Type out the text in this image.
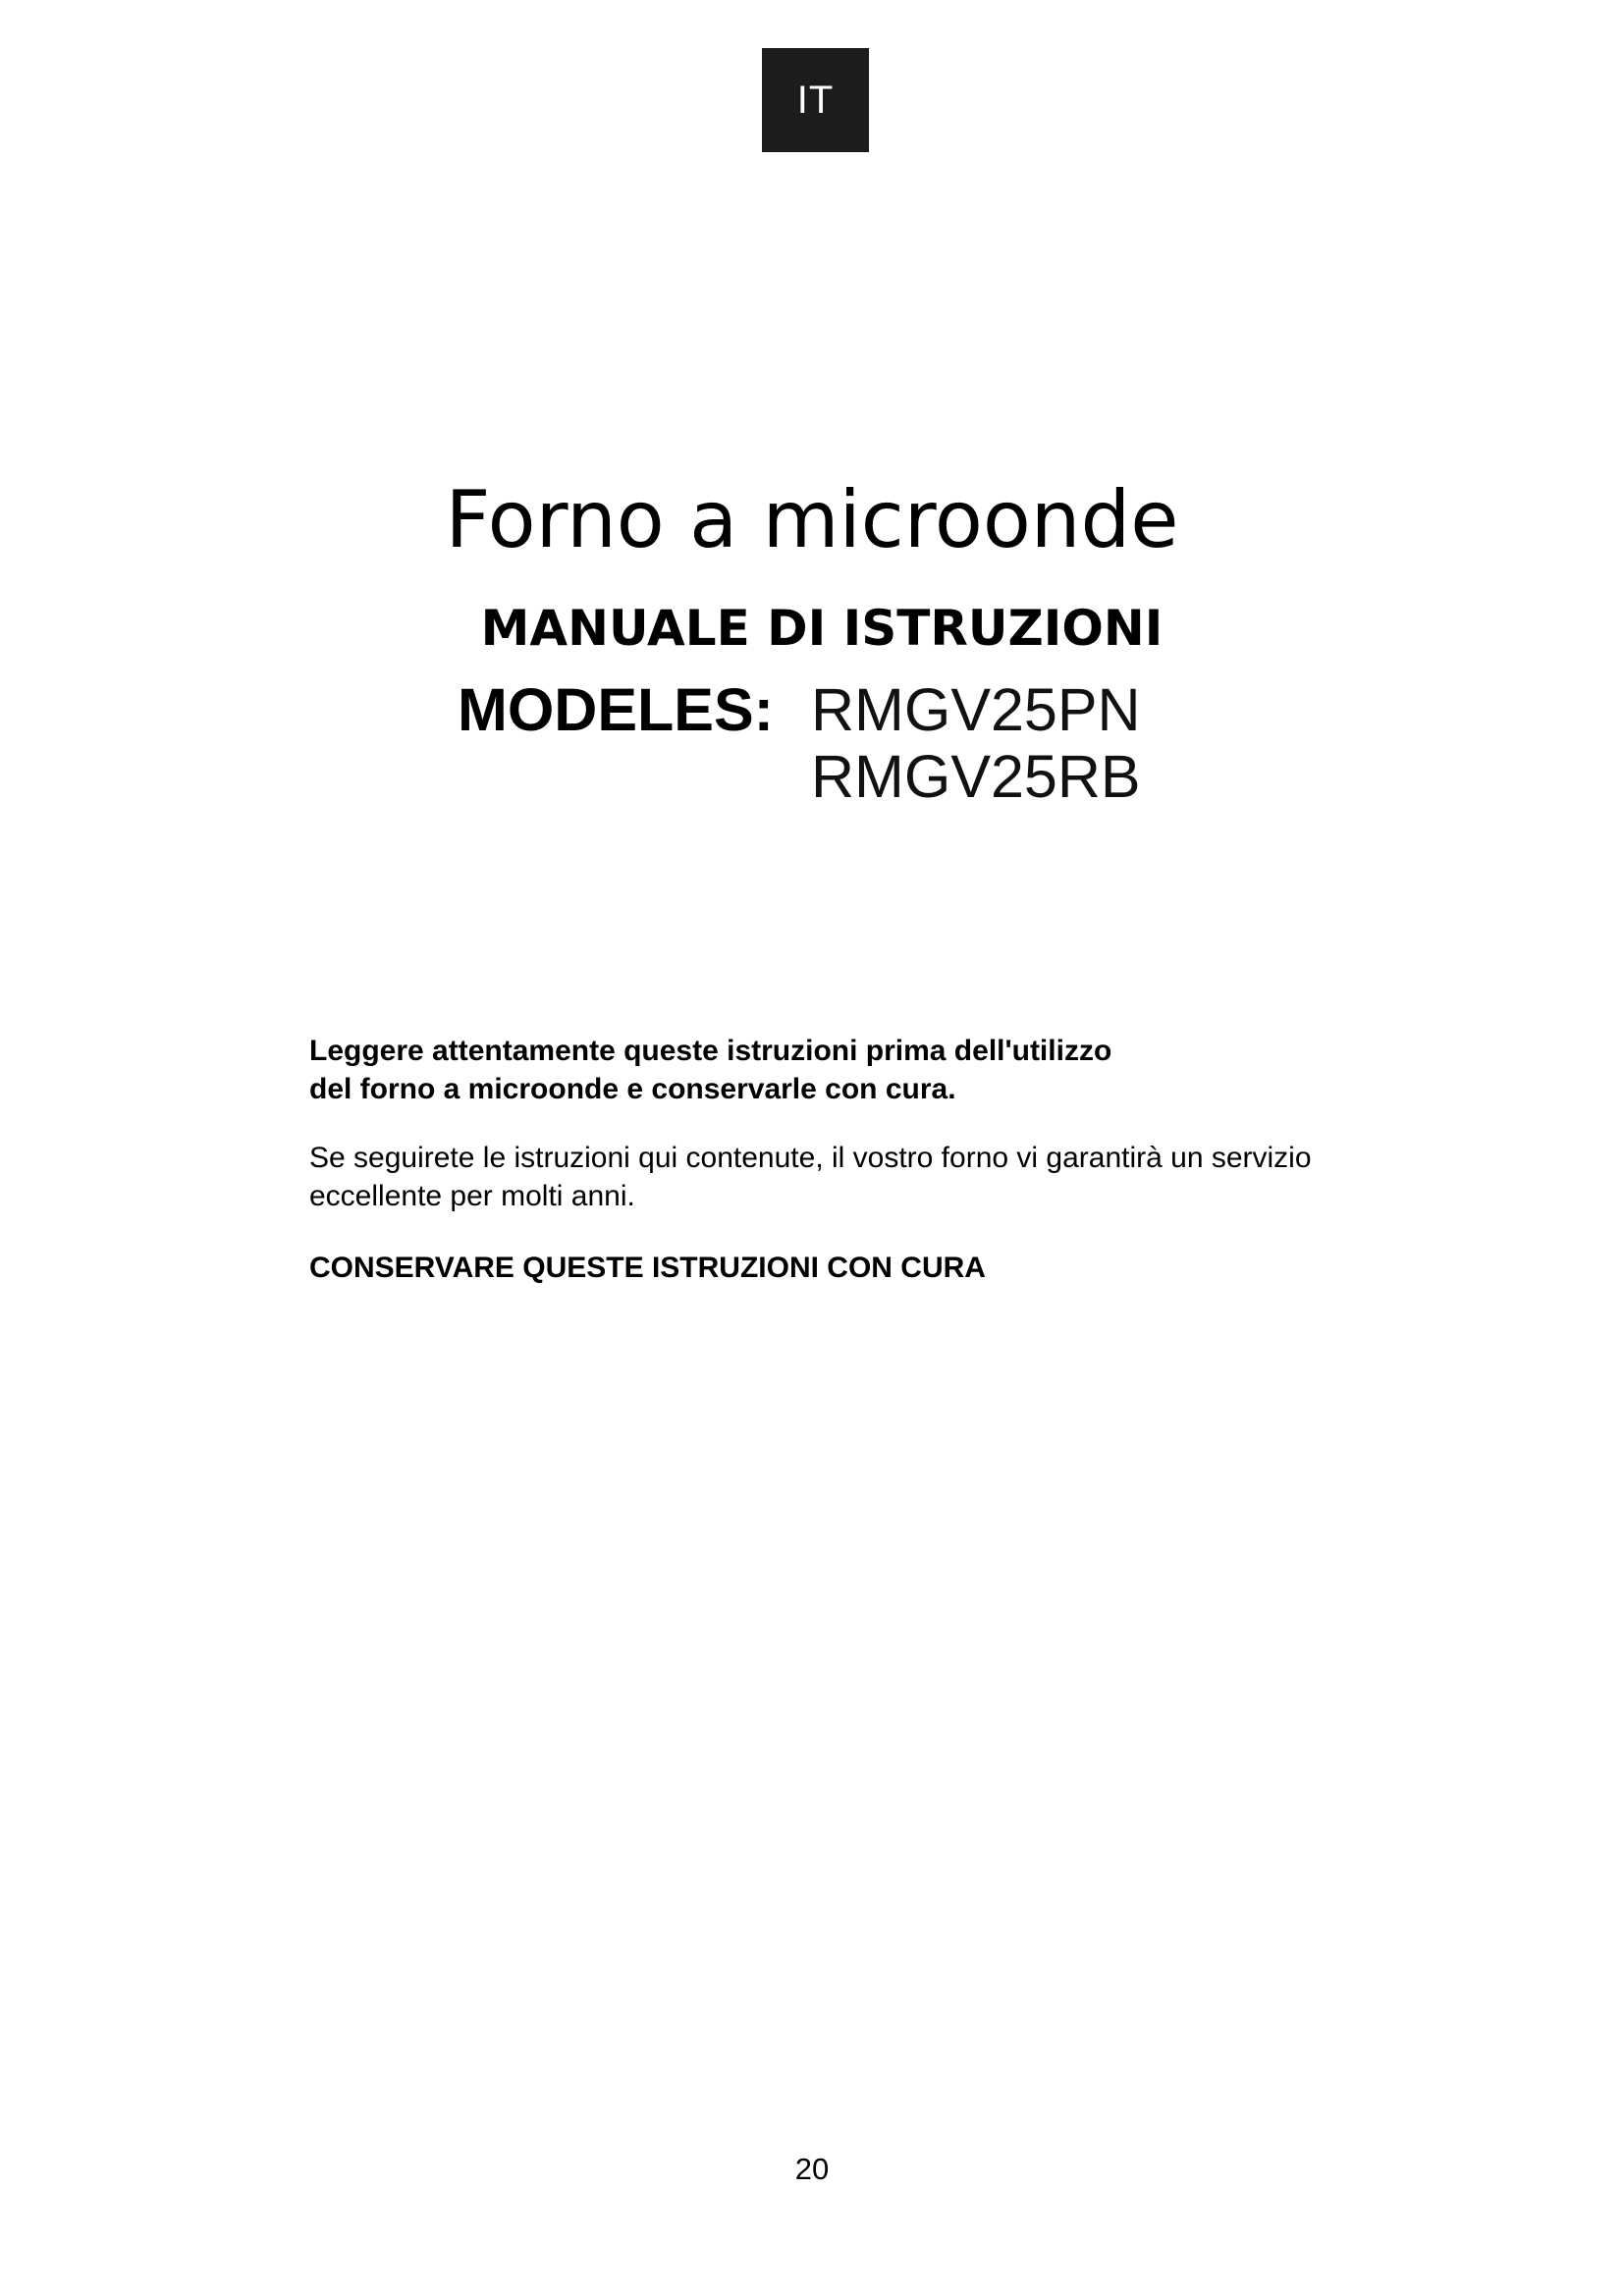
IT
Forno a microonde
MANUALE DI ISTRUZIONI
MODELES: RMGV25PN
RMGV25RB

Leggere attentamente queste istruzioni prima dell'utilizzo

del forno a microonde e conservarle con cura.

Se seguirete le istruzioni qui contenute, il vostro forno vi garantirà un servizio

eccellente per molti anni.

CONSERVARE QUESTE ISTRUZIONI CON CURA

20
